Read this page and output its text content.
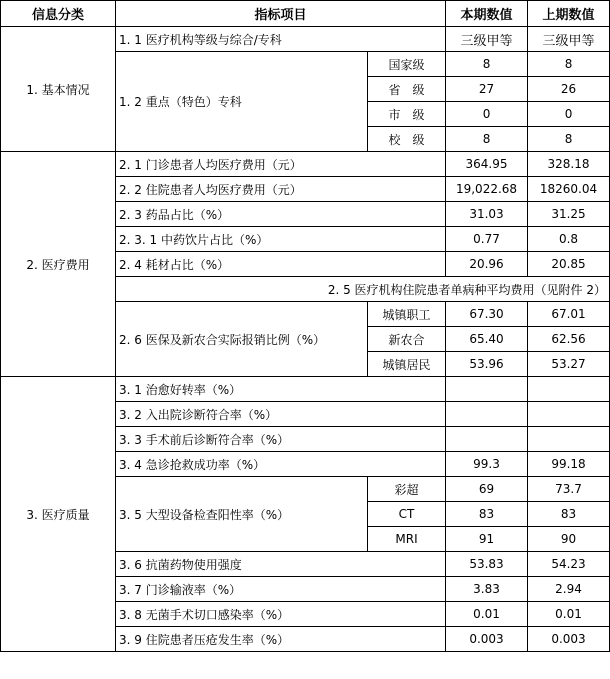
信息分类	指标项目		本期数值	上期数值
1. 基本情况	1. 1 医疗机构等级与综合/专科		三级甲等	三级甲等
	1. 2 重点（特色）专科	国家级	8	8
		省　级	27	26
		市　级	0	0
		校　级	8	8
2. 医疗费用	2. 1 门诊患者人均医疗费用（元）		364.95	328.18
	2. 2 住院患者人均医疗费用（元）		19,022.68	18260.04
	2. 3 药品占比（%）		31.03	31.25
	2. 3. 1 中药饮片占比（%）		0.77	0.8
	2. 4 耗材占比（%）		20.96	20.85
	2. 5 医疗机构住院患者单病种平均费用（见附件 2）			
	2. 6 医保及新农合实际报销比例（%）	城镇职工	67.30	67.01
		新农合	65.40	62.56
		城镇居民	53.96	53.27
3. 医疗质量	3. 1 治愈好转率（%）			
	3. 2 入出院诊断符合率（%）			
	3. 3 手术前后诊断符合率（%）			
	3. 4 急诊抢救成功率（%）		99.3	99.18
	3. 5 大型设备检查阳性率（%）	彩超	69	73.7
		CT	83	83
		MRI	91	90
	3. 6 抗菌药物使用强度		53.83	54.23
	3. 7 门诊输液率（%）		3.83	2.94
	3. 8 无菌手术切口感染率（%）		0.01	0.01
	3. 9 住院患者压疮发生率（%）		0.003	0.003
